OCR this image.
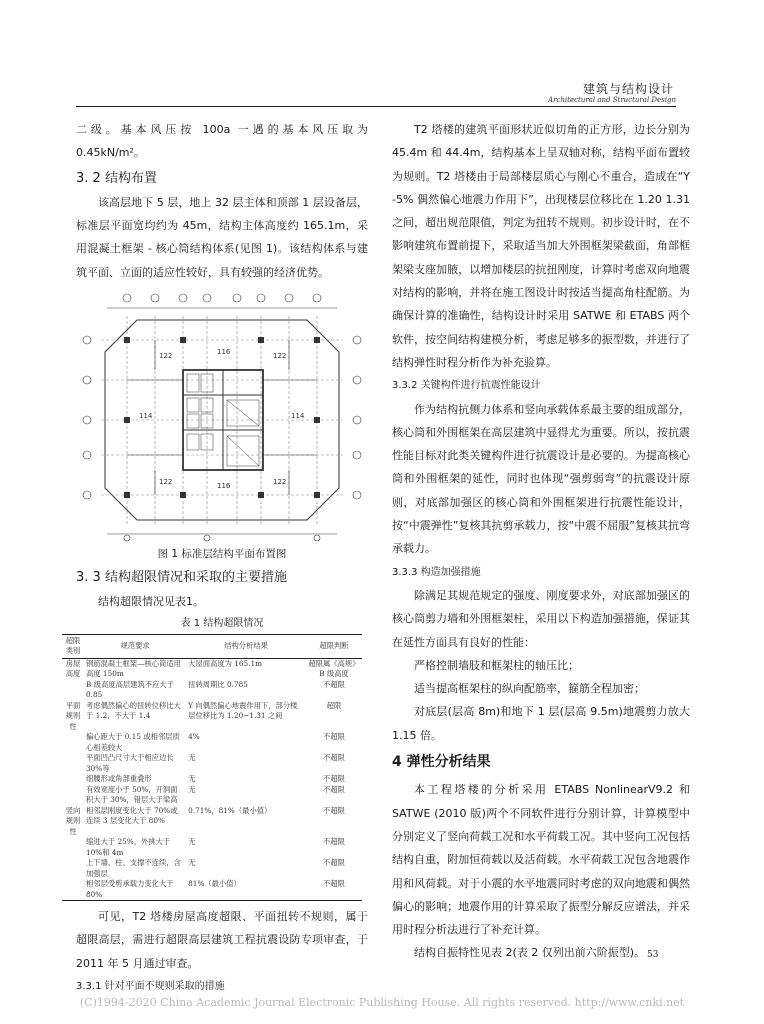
建筑与结构设计
Architectural and Structural Design

二级。基本风压按 100a 一遇的基本风压取为 0.45kN/m²。

3. 2 结构布置

该高层地下 5 层，地上 32 层主体和顶部 1 层设备层，标准层平面宽均约为 45m，结构主体高度约 165.1m，采用混凝土框架 - 核心筒结构体系(见图 1)。该结构体系与建筑平面、立面的适应性较好，具有较强的经济优势。

122	116	122
114	114
122	116	122
图 1 标准层结构平面布置图
3. 3 结构超限情况和采取的主要措施

结构超限情况见表1。

表 1 结构超限情况
超限类别	规范要求	结构分析结果	超限判断
房屋高度	钢筋混凝土框架—核心筒适用高度 150m	大屋面高度为 165.1m	超限属《高规》B 级高度
	B 级高度高层建筑不应大于 0.85	扭转周期比 0.785	不超限
平面规则性	考虑偶然偏心的扭转位移比大于 1.2，不大于 1.4	Y 向偶然偏心地震作用下，部分楼层位移比为 1.20~1.31 之间	超限
	偏心距大于 0.15 或相邻层质心相差较大	4%	不超限
	平面凹凸尺寸大于相应边长 30%等	无	不超限
	细腰形或角部重叠形	无	不超限
	有效宽度小于 50%，开洞面积大于 30%，错层大于梁高	无	不超限
竖向规则性	相邻层刚度变化大于 70%或连续 3 层变化大于 80%	0.71%，81%（最小值）	不超限
	缩进大于 25%，外挑大于 10%和 4m	无	不超限
	上下墙、柱、支撑不连续，含加强层	无	不超限
	相邻层受剪承载力变化大于 80%	81%（最小值）	不超限

可见，T2 塔楼房屋高度超限、平面扭转不规则，属于超限高层，需进行超限高层建筑工程抗震设防专项审查，于 2011 年 5 月通过审查。

3.3.1 针对平面不规则采取的措施

T2 塔楼的建筑平面形状近似切角的正方形，边长分别为 45.4m 和 44.4m，结构基本上呈双轴对称，结构平面布置较为规则。T2 塔楼由于局部楼层质心与刚心不重合，造成在“Y -5% 偶然偏心地震力作用下”，出现楼层位移比在 1.20 1.31 之间，超出规范限值，判定为扭转不规则。初步设计时，在不影响建筑布置前提下，采取适当加大外围框架梁截面，角部框架梁支座加腋，以增加楼层的抗扭刚度，计算时考虑双向地震对结构的影响，并将在施工图设计时按适当提高角柱配筋。为确保计算的准确性，结构设计时采用 SATWE 和 ETABS 两个软件，按空间结构建模分析，考虑足够多的振型数，并进行了结构弹性时程分析作为补充验算。

3.3.2 关键构件进行抗震性能设计

作为结构抗侧力体系和竖向承载体系最主要的组成部分，核心筒和外围框架在高层建筑中显得尤为重要。所以，按抗震性能目标对此类关键构件进行抗震设计是必要的。为提高核心筒和外围框架的延性，同时也体现“强剪弱弯”的抗震设计原则，对底部加强区的核心筒和外围框架进行抗震性能设计，按“中震弹性”复核其抗剪承载力，按“中震不屈服”复核其抗弯承载力。

3.3.3 构造加强措施

除满足其规范规定的强度、刚度要求外，对底部加强区的核心筒剪力墙和外围框架柱，采用以下构造加强措施，保证其在延性方面具有良好的性能：

严格控制墙肢和框架柱的轴压比；

适当提高框架柱的纵向配筋率，箍筋全程加密；

对底层(层高 8m)和地下 1 层(层高 9.5m)地震剪力放大 1.15 倍。

4 弹性分析结果

本工程塔楼的分析采用 ETABS NonlinearV9.2 和 SATWE (2010 版)两个不同软件进行分别计算，计算模型中分别定义了竖向荷载工况和水平荷载工况。其中竖向工况包括结构自重，附加恒荷载以及活荷载。水平荷载工况包含地震作用和风荷载。对于小震的水平地震同时考虑的双向地震和偶然偏心的影响；地震作用的计算采取了振型分解反应谱法，并采用时程分析法进行了补充计算。

结构自振特性见表 2(表 2 仅列出前六阶振型)。 53
(C)1994-2020 China Academic Journal Electronic Publishing House. All rights reserved. http://www.cnki.net
